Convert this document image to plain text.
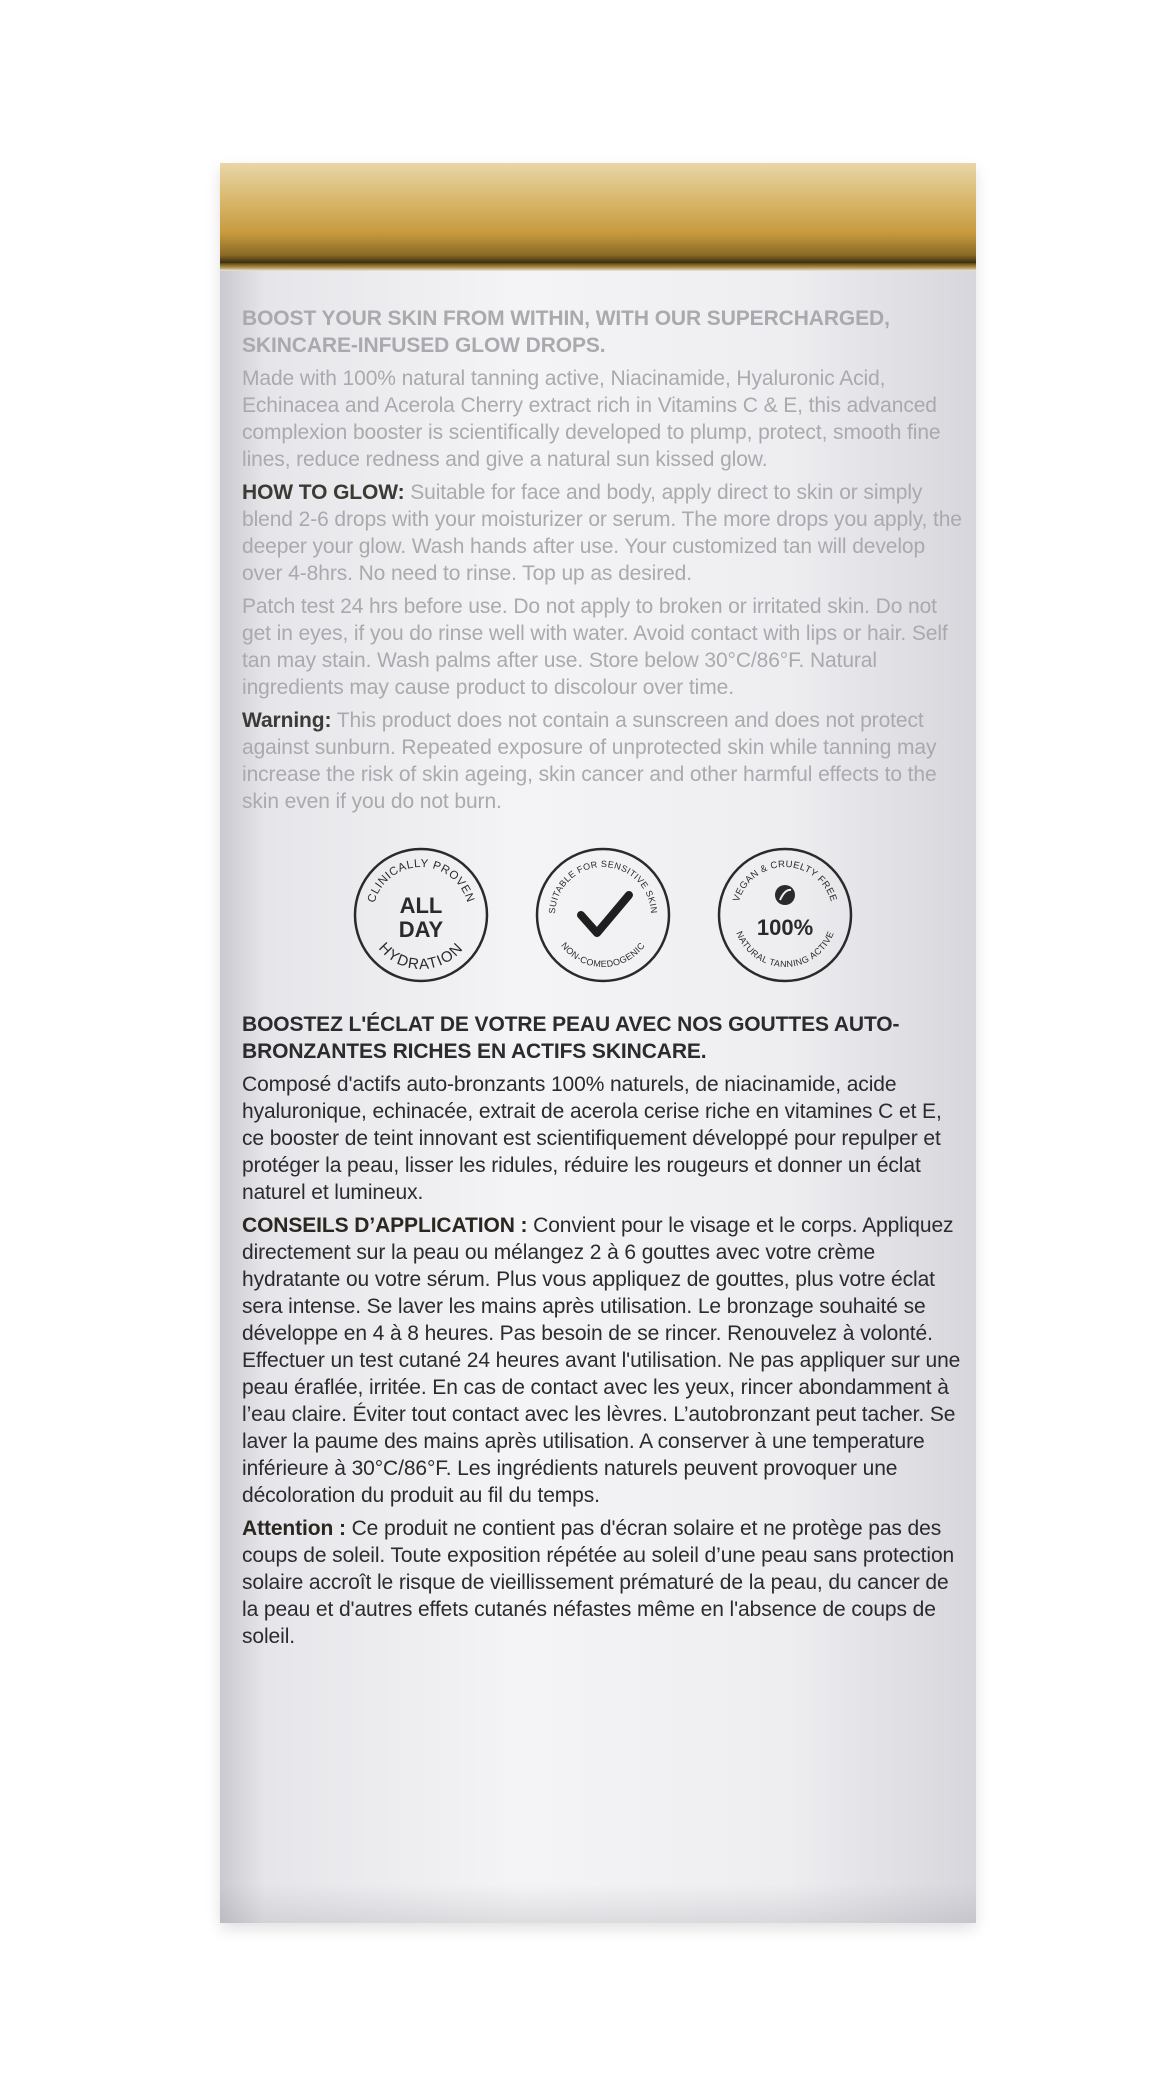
BOOST YOUR SKIN FROM WITHIN, WITH OUR SUPERCHARGED, SKINCARE-INFUSED GLOW DROPS.

Made with 100% natural tanning active, Niacinamide, Hyaluronic Acid, Echinacea and Acerola Cherry extract rich in Vitamins C & E, this advanced complexion booster is scientifically developed to plump, protect, smooth fine lines, reduce redness and give a natural sun kissed glow.

HOW TO GLOW: Suitable for face and body, apply direct to skin or simply blend 2-6 drops with your moisturizer or serum. The more drops you apply, the deeper your glow. Wash hands after use. Your customized tan will develop over 4-8hrs. No need to rinse. Top up as desired.

Patch test 24 hrs before use. Do not apply to broken or irritated skin. Do not get in eyes, if you do rinse well with water. Avoid contact with lips or hair. Self tan may stain. Wash palms after use. Store below 30°C/86°F. Natural ingredients may cause product to discolour over time.

Warning: This product does not contain a sunscreen and does not protect against sunburn. Repeated exposure of unprotected skin while tanning may increase the risk of skin ageing, skin cancer and other harmful effects to the skin even if you do not burn.

CLINICALLY PROVEN
HYDRATION
ALL
DAY
SUITABLE FOR SENSITIVE SKIN
NON-COMEDOGENIC
VEGAN & CRUELTY FREE
NATURAL TANNING ACTIVE
100%

BOOSTEZ L'ÉCLAT DE VOTRE PEAU AVEC NOS GOUTTES AUTO-BRONZANTES RICHES EN ACTIFS SKINCARE.

Composé d'actifs auto-bronzants 100% naturels, de niacinamide, acide hyaluronique, echinacée, extrait de acerola cerise riche en vitamines C et E, ce booster de teint innovant est scientifiquement développé pour repulper et protéger la peau, lisser les ridules, réduire les rougeurs et donner un éclat naturel et lumineux.

CONSEILS D’APPLICATION : Convient pour le visage et le corps. Appliquez directement sur la peau ou mélangez 2 à 6 gouttes avec votre crème hydratante ou votre sérum. Plus vous appliquez de gouttes, plus votre éclat sera intense. Se laver les mains après utilisation. Le bronzage souhaité se développe en 4 à 8 heures. Pas besoin de se rincer. Renouvelez à volonté. Effectuer un test cutané 24 heures avant l'utilisation. Ne pas appliquer sur une peau éraflée, irritée. En cas de contact avec les yeux, rincer abondamment à l’eau claire. Éviter tout contact avec les lèvres. L’autobronzant peut tacher. Se laver la paume des mains après utilisation. A conserver à une temperature inférieure à 30°C/86°F. Les ingrédients naturels peuvent provoquer une décoloration du produit au fil du temps.

Attention : Ce produit ne contient pas d'écran solaire et ne protège pas des coups de soleil. Toute exposition répétée au soleil d’une peau sans protection solaire accroît le risque de vieillissement prématuré de la peau, du cancer de la peau et d'autres effets cutanés néfastes même en l'absence de coups de soleil.
